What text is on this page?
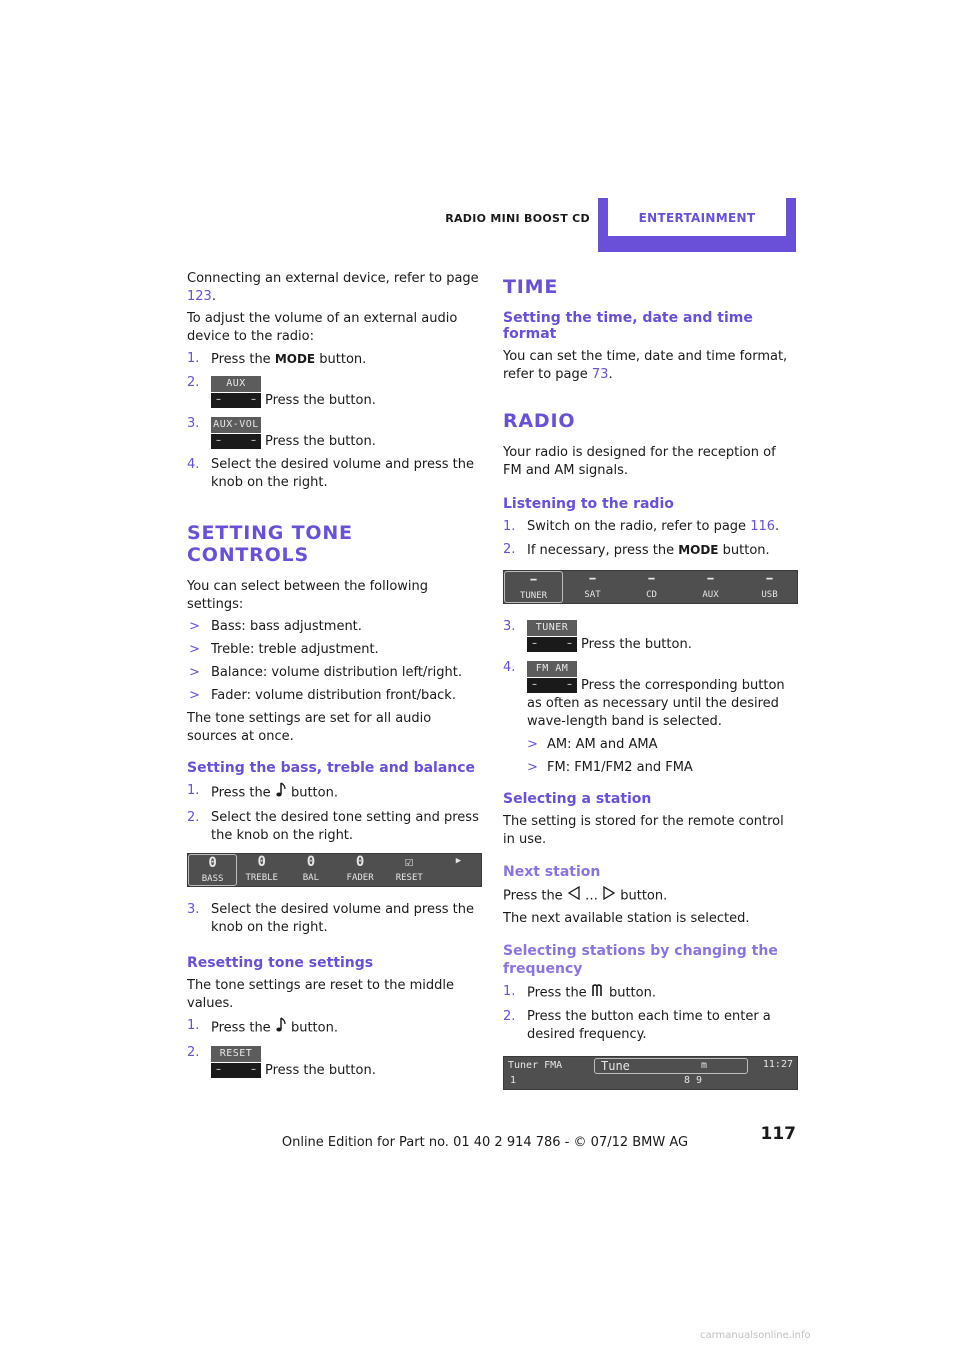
RADIO MINI BOOST CD	ENTERTAINMENT

Connecting an external device, refer to page 123.

To adjust the volume of an external audio device to the radio:

1. Press the MODE button.
2.	AUX
–	– Press the button.
3. AUX-VOL
–	– Press the button.
4. Select the desired volume and press the knob on the right.
SETTING TONE CONTROLS

You can select between the following settings:

> Bass: bass adjustment.
> Treble: treble adjustment.
> Balance: volume distribution left/right.
> Fader: volume distribution front/back.

The tone settings are set for all audio sources at once.

Setting the bass, treble and balance
1. Press the  button.
2. Select the desired tone setting and press the knob on the right.
0
BASS
0
TREBLE
0
BAL
0
FADER
☑
RESET
▶
3. Select the desired volume and press the knob on the right.
Resetting tone settings

The tone settings are reset to the middle values.

1. Press the  button.
2.	RESET
–	– Press the button.
TIME
Setting the time, date and time format

You can set the time, date and time format, refer to page 73.

RADIO

Your radio is designed for the reception of FM and AM signals.

Listening to the radio
1. Switch on the radio, refer to page 116.
2. If necessary, press the MODE button.
━
TUNER
━
SAT
━
CD
━
AUX
━
USB
3.	TUNER
–	– Press the button.
4.	FM AM
–	– Press the corresponding button as often as necessary until the desired wave-length band is selected.
> AM: AM and AMA
> FM: FM1/FM2 and FMA
Selecting a station

The setting is stored for the remote control in use.

Next station

Press the … button.

The next available station is selected.

Selecting stations by changing the frequency
1. Press the  button.
2. Press the button each time to enter a desired frequency.
Tuner FMA	Tune	m	11:27
1	8 9
117
Online Edition for Part no. 01 40 2 914 786 - © 07/12 BMW AG
carmanualsonline.info
